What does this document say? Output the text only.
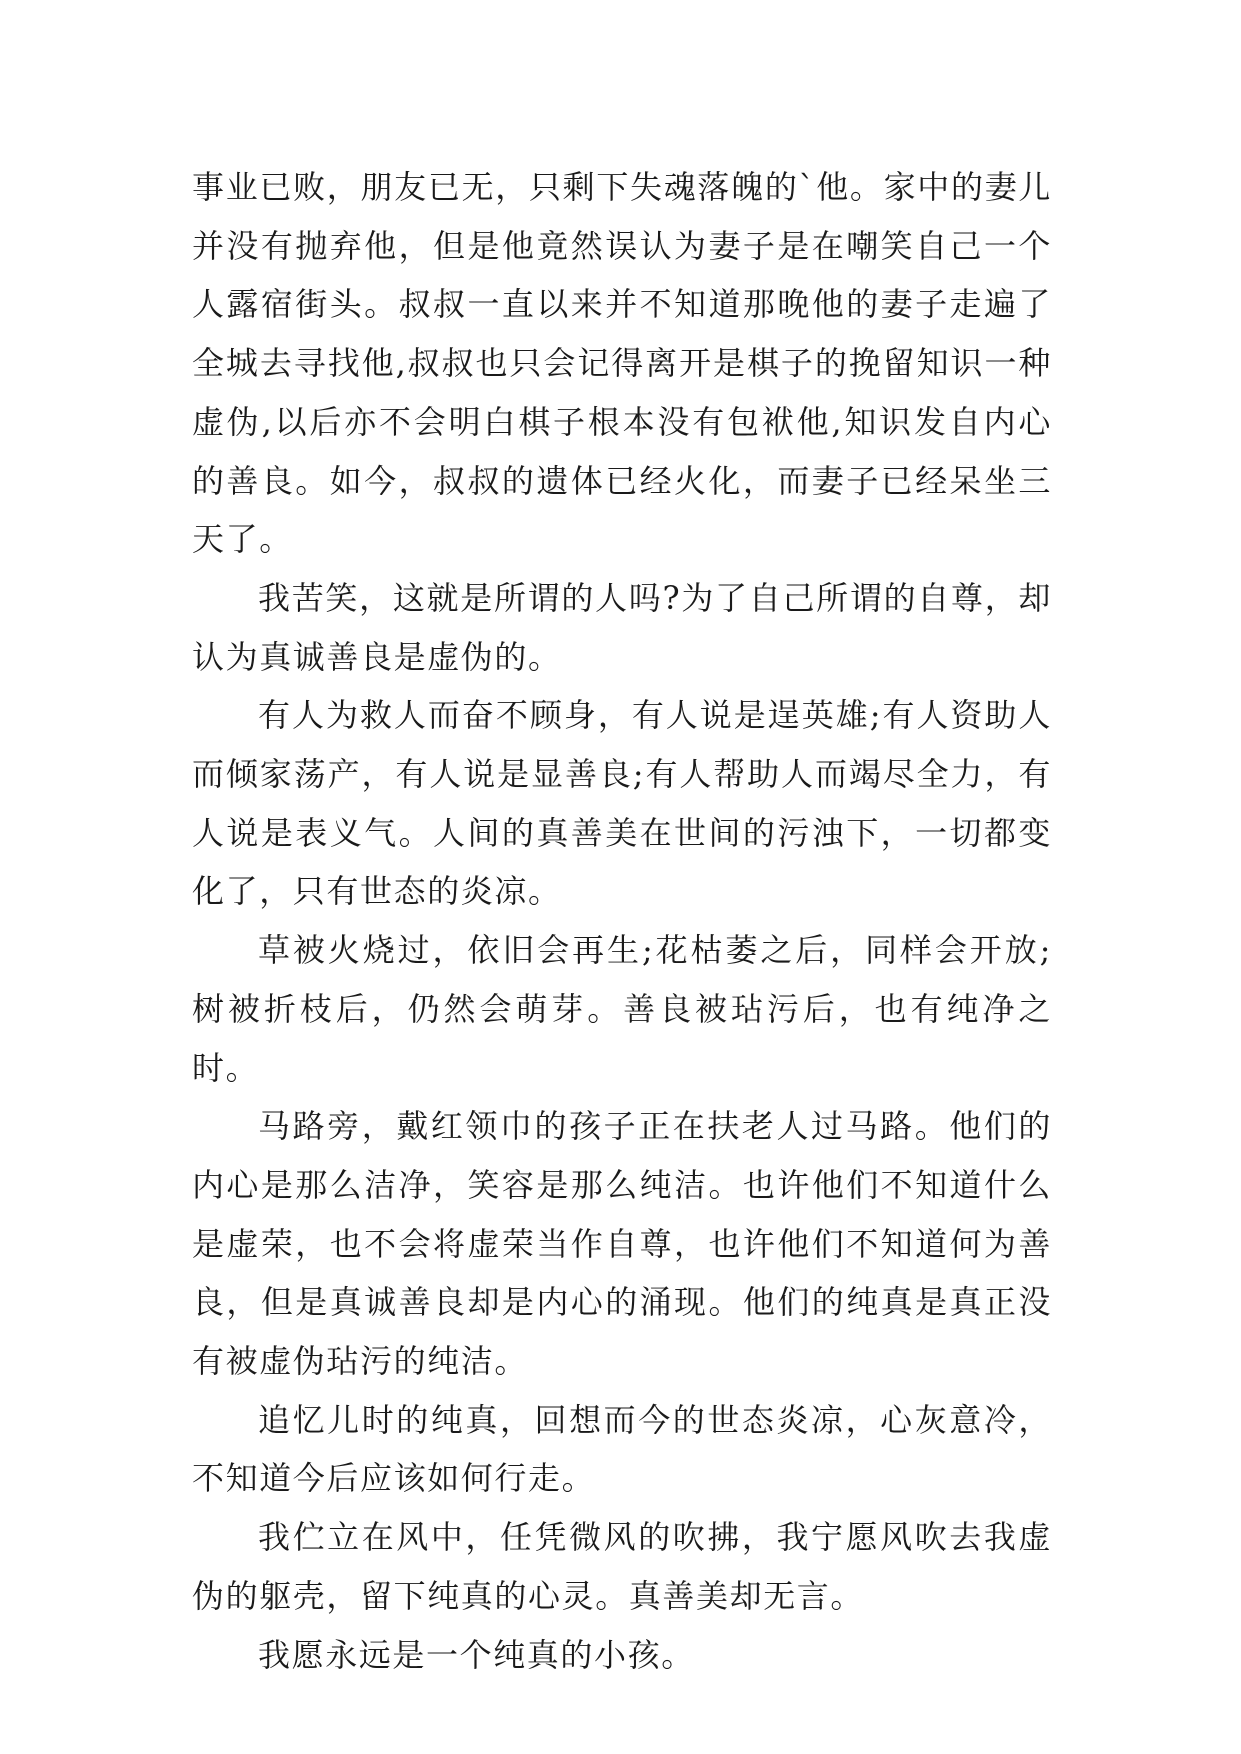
事业已败，朋友已无，只剩下失魂落魄的`他。家中的妻儿并没有抛弃他，但是他竟然误认为妻子是在嘲笑自己一个人露宿街头。叔叔一直以来并不知道那晚他的妻子走遍了全城去寻找他,叔叔也只会记得离开是棋子的挽留知识一种虚伪,以后亦不会明白棋子根本没有包袱他,知识发自内心的善良。如今，叔叔的遗体已经火化，而妻子已经呆坐三天了。

我苦笑，这就是所谓的人吗?为了自己所谓的自尊，却认为真诚善良是虚伪的。

有人为救人而奋不顾身，有人说是逞英雄;有人资助人而倾家荡产，有人说是显善良;有人帮助人而竭尽全力，有人说是表义气。人间的真善美在世间的污浊下，一切都变化了，只有世态的炎凉。

草被火烧过，依旧会再生;花枯萎之后，同样会开放;树被折枝后，仍然会萌芽。善良被玷污后，也有纯净之时。

马路旁，戴红领巾的孩子正在扶老人过马路。他们的内心是那么洁净，笑容是那么纯洁。也许他们不知道什么是虚荣，也不会将虚荣当作自尊，也许他们不知道何为善良，但是真诚善良却是内心的涌现。他们的纯真是真正没有被虚伪玷污的纯洁。

追忆儿时的纯真，回想而今的世态炎凉，心灰意冷，不知道今后应该如何行走。

我伫立在风中，任凭微风的吹拂，我宁愿风吹去我虚伪的躯壳，留下纯真的心灵。真善美却无言。

我愿永远是一个纯真的小孩。
